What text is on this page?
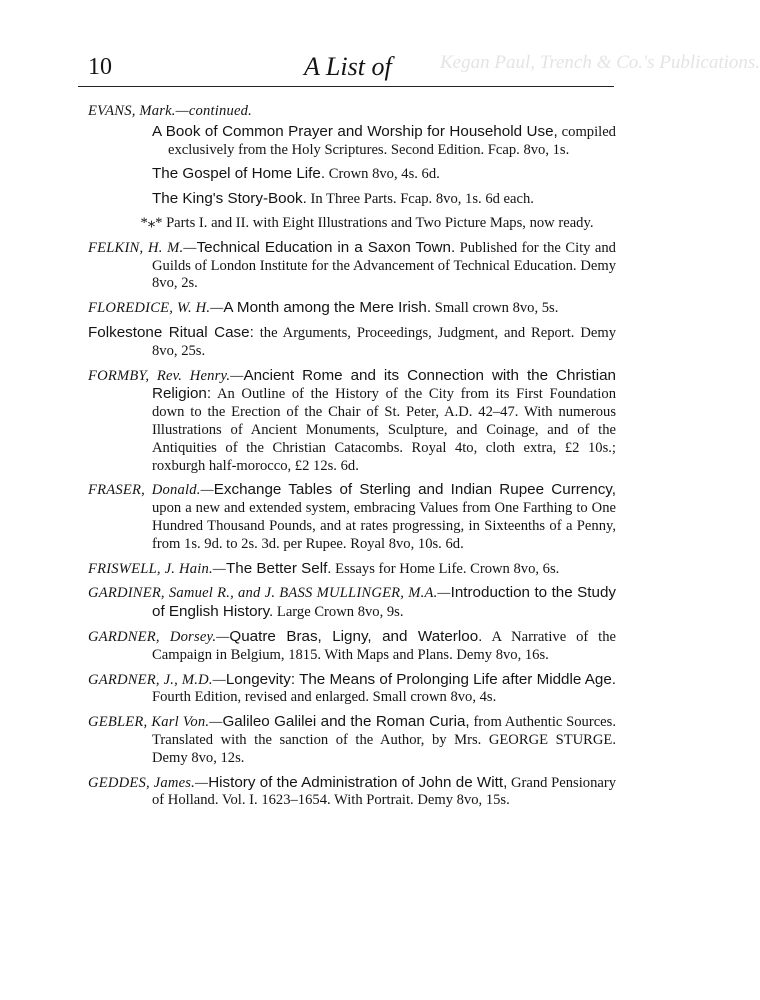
Kegan Paul, Trench & Co.'s Publications.
10	A List of
EVANS, Mark.—continued.
A Book of Common Prayer and Worship for Household Use, compiled exclusively from the Holy Scriptures. Second Edition. Fcap. 8vo, 1s.
The Gospel of Home Life. Crown 8vo, 4s. 6d.
The King's Story-Book. In Three Parts. Fcap. 8vo, 1s. 6d each.
*⁎* Parts I. and II. with Eight Illustrations and Two Picture Maps, now ready.
FELKIN, H. M.—Technical Education in a Saxon Town. Published for the City and Guilds of London Institute for the Advancement of Technical Education. Demy 8vo, 2s.
FLOREDICE, W. H.—A Month among the Mere Irish. Small crown 8vo, 5s.
Folkestone Ritual Case: the Arguments, Proceedings, Judgment, and Report. Demy 8vo, 25s.
FORMBY, Rev. Henry.—Ancient Rome and its Connection with the Christian Religion: An Outline of the History of the City from its First Foundation down to the Erection of the Chair of St. Peter, A.D. 42–47. With numerous Illustrations of Ancient Monuments, Sculpture, and Coinage, and of the Antiquities of the Christian Catacombs. Royal 4to, cloth extra, £2 10s.; roxburgh half-morocco, £2 12s. 6d.
FRASER, Donald.—Exchange Tables of Sterling and Indian Rupee Currency, upon a new and extended system, embracing Values from One Farthing to One Hundred Thousand Pounds, and at rates progressing, in Sixteenths of a Penny, from 1s. 9d. to 2s. 3d. per Rupee. Royal 8vo, 10s. 6d.
FRISWELL, J. Hain.—The Better Self. Essays for Home Life. Crown 8vo, 6s.
GARDINER, Samuel R., and J. BASS MULLINGER, M.A.—Introduction to the Study of English History. Large Crown 8vo, 9s.
GARDNER, Dorsey.—Quatre Bras, Ligny, and Waterloo. A Narrative of the Campaign in Belgium, 1815. With Maps and Plans. Demy 8vo, 16s.
GARDNER, J., M.D.—Longevity: The Means of Prolonging Life after Middle Age. Fourth Edition, revised and enlarged. Small crown 8vo, 4s.
GEBLER, Karl Von.—Galileo Galilei and the Roman Curia, from Authentic Sources. Translated with the sanction of the Author, by Mrs. GEORGE STURGE. Demy 8vo, 12s.
GEDDES, James.—History of the Administration of John de Witt, Grand Pensionary of Holland. Vol. I. 1623–1654. With Portrait. Demy 8vo, 15s.
